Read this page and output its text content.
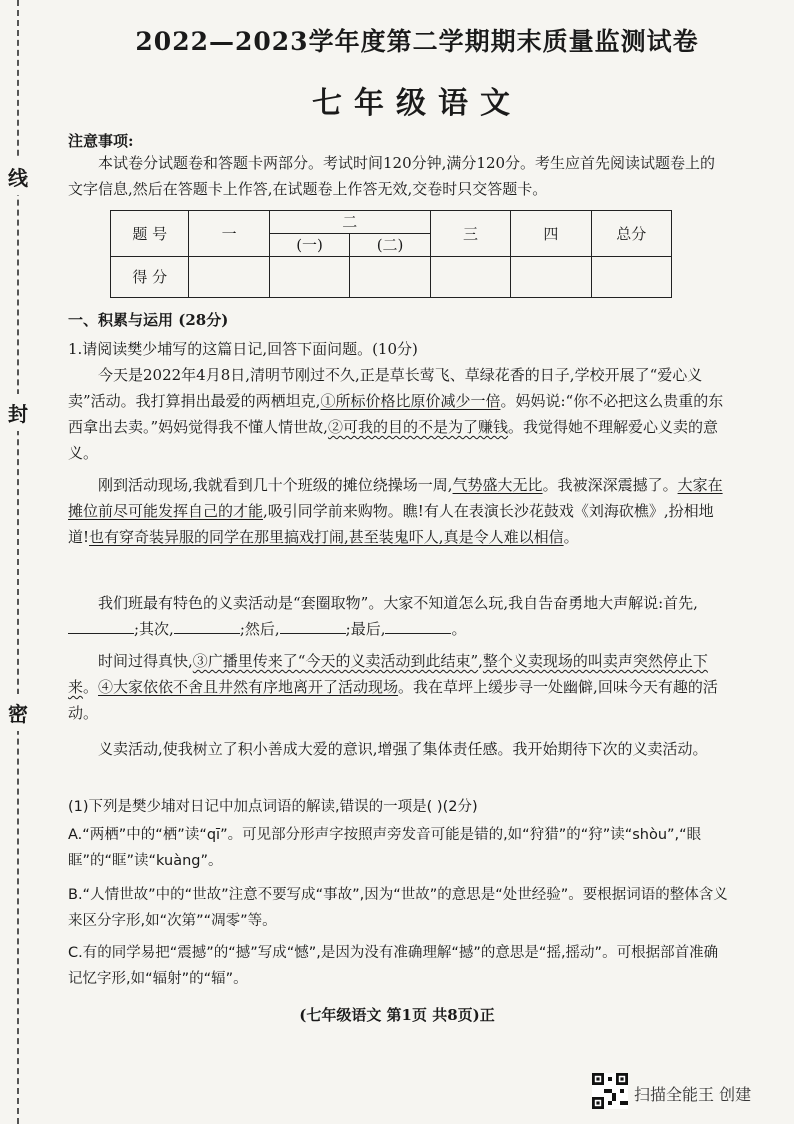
线
封
密
2022—2023学年度第二学期期末质量监测试卷
七年级语文
注意事项:
本试卷分试题卷和答题卡两部分。考试时间120分钟,满分120分。考生应首先阅读试题卷上的文字信息,然后在答题卡上作答,在试题卷上作答无效,交卷时只交答题卡。
题 号	一	二		三	四	总分
		(一)	(二)			
得 分						
一、积累与运用 (28分)
1.请阅读樊少埔写的这篇日记,回答下面问题。(10分)
今天是2022年4月8日,清明节刚过不久,正是草长莺飞、草绿花香的日子,学校开展了“爱心义卖”活动。我打算捐出最爱的两栖坦克,①所标价格比原价减少一倍。妈妈说:“你不必把这么贵重的东西拿出去卖。”妈妈觉得我不懂人情世故,②可我的目的不是为了赚钱。我觉得她不理解爱心义卖的意义。
刚到活动现场,我就看到几十个班级的摊位绕操场一周,气势盛大无比。我被深深震撼了。大家在摊位前尽可能发挥自己的才能,吸引同学前来购物。瞧!有人在表演长沙花鼓戏《刘海砍樵》,扮相地道!也有穿奇装异服的同学在那里搞戏打闹,甚至装鬼吓人,真是令人难以相信。
我们班最有特色的义卖活动是“套圈取物”。大家不知道怎么玩,我自告奋勇地大声解说:首先,;其次,	;然后,	;最后,	。
时间过得真快,③广播里传来了“今天的义卖活动到此结束”,整个义卖现场的叫卖声突然停止下来。④大家依依不舍且井然有序地离开了活动现场。我在草坪上缓步寻一处幽僻,回味今天有趣的活动。
义卖活动,使我树立了积小善成大爱的意识,增强了集体责任感。我开始期待下次的义卖活动。
(1)下列是樊少埔对日记中加点词语的解读,错误的一项是( )(2分)
A.“两栖”中的“栖”读“qī”。可见部分形声字按照声旁发音可能是错的,如“狩猎”的“狩”读“shòu”,“眼眶”的“眶”读“kuàng”。
B.“人情世故”中的“世故”注意不要写成“事故”,因为“世故”的意思是“处世经验”。要根据词语的整体含义来区分字形,如“次第”“凋零”等。
C.有的同学易把“震撼”的“撼”写成“憾”,是因为没有准确理解“撼”的意思是“摇,摇动”。可根据部首准确记忆字形,如“辐射”的“辐”。
(七年级语文 第1页 共8页)正
扫描全能王 创建
